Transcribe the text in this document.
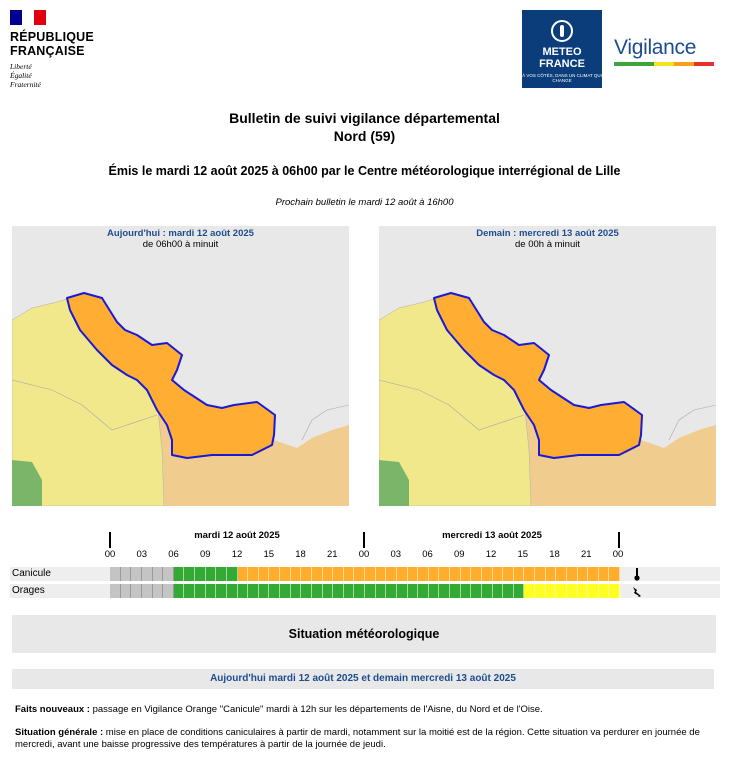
RÉPUBLIQUE
FRANÇAISE
Liberté
Égalité
Fraternité
METEO
FRANCE
À VOS CÔTÉS, DANS UN CLIMAT QUI CHANGE
Vigilance
Bulletin de suivi vigilance départemental
Nord (59)
Émis le mardi 12 août 2025 à 06h00 par le Centre météorologique interrégional de Lille
Prochain bulletin le mardi 12 août à 16h00
Aujourd'hui : mardi 12 août 2025
de 06h00 à minuit
Demain : mercredi 13 août 2025
de 00h à minuit
mardi 12 août 2025	mercredi 13 août 2025
Canicule
Orages
00	03	06	09	12	15	18	21	00	03	06	09	12	15	18	21	00
Situation météorologique
Aujourd'hui mardi 12 août 2025 et demain mercredi 13 août 2025
Faits nouveaux : passage en Vigilance Orange "Canicule" mardi à 12h sur les départements de l'Aisne, du Nord et de l'Oise.
Situation générale : mise en place de conditions caniculaires à partir de mardi, notamment sur la moitié est de la région. Cette situation va perdurer en journée de mercredi, avant une baisse progressive des températures à partir de la journée de jeudi.
